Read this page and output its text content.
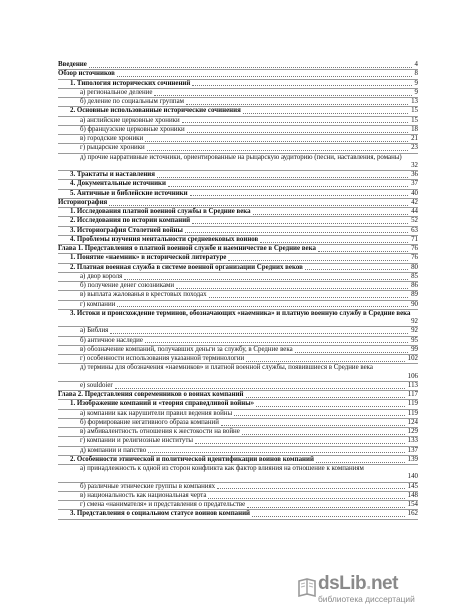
Введение	4
Обзор источников	8
1. Типология исторических сочинений	9
а) региональное деление	9
б) деление по социальным группам	13
2. Основные использованные исторические сочинения	15
а) английские церковные хроники	15
б) французские церковные хроники	18
в) городские хроники	21
г) рыцарские хроники	23
д) прочие нарративные источники, ориентированные на рыцарскую аудиторию (песни, наставления, романы)
32
3. Трактаты и наставления	36
4. Документальные источники	37
5. Античные и библейские источники	40
Историография	42
1. Исследования платной военной службы в Средние века	44
2. Исследования по истории компаний	52
3. Историография Столетней войны	63
4. Проблемы изучения ментальности средневековых воинов	71
Глава 1. Представления о платной военной службе и наемничестве в Средние века	76
1. Понятие «наемник» в исторической литературе	76
2. Платная военная служба в системе военной организации Средних веков	80
а) двор короля	85
б) получение денег союзниками	86
в) выплата жалованья в крестовых походах	89
г) компании	90
3. Истоки и происхождение терминов, обозначающих «наемника» и платную военную службу в Средние века
92
а) Библия	92
б) античное наследие	95
в) обозначение компаний, получавших деньги за службу, в Средние века	99
г) особенности использования указанной терминологии	102
д) термины для обозначения «наемников» и платной военной службы, появившиеся в Средние века
106
е) souldoier	113
Глава 2. Представления современников о воинах компаний	117
1. Изображение компаний и «теория справедливой войны»	119
а) компании как нарушители правил ведения войны	119
б) формирование негативного образа компаний	124
в) амбивалентность отношения к жестокости на войне	129
г) компании и религиозные институты	133
д) компании и папство	137
2. Особенности этнической и политической идентификации воинов компаний	139
а) принадлежность к одной из сторон конфликта как фактор влияния на отношение к компаниям
140
б) различные этнические группы в компаниях	145
в) национальность как национальная черта	148
г) смена «нанимателя» и представления о предательстве	154
3. Представления о социальном статусе воинов компаний	162
dsLib.net
библиотека диссертаций
